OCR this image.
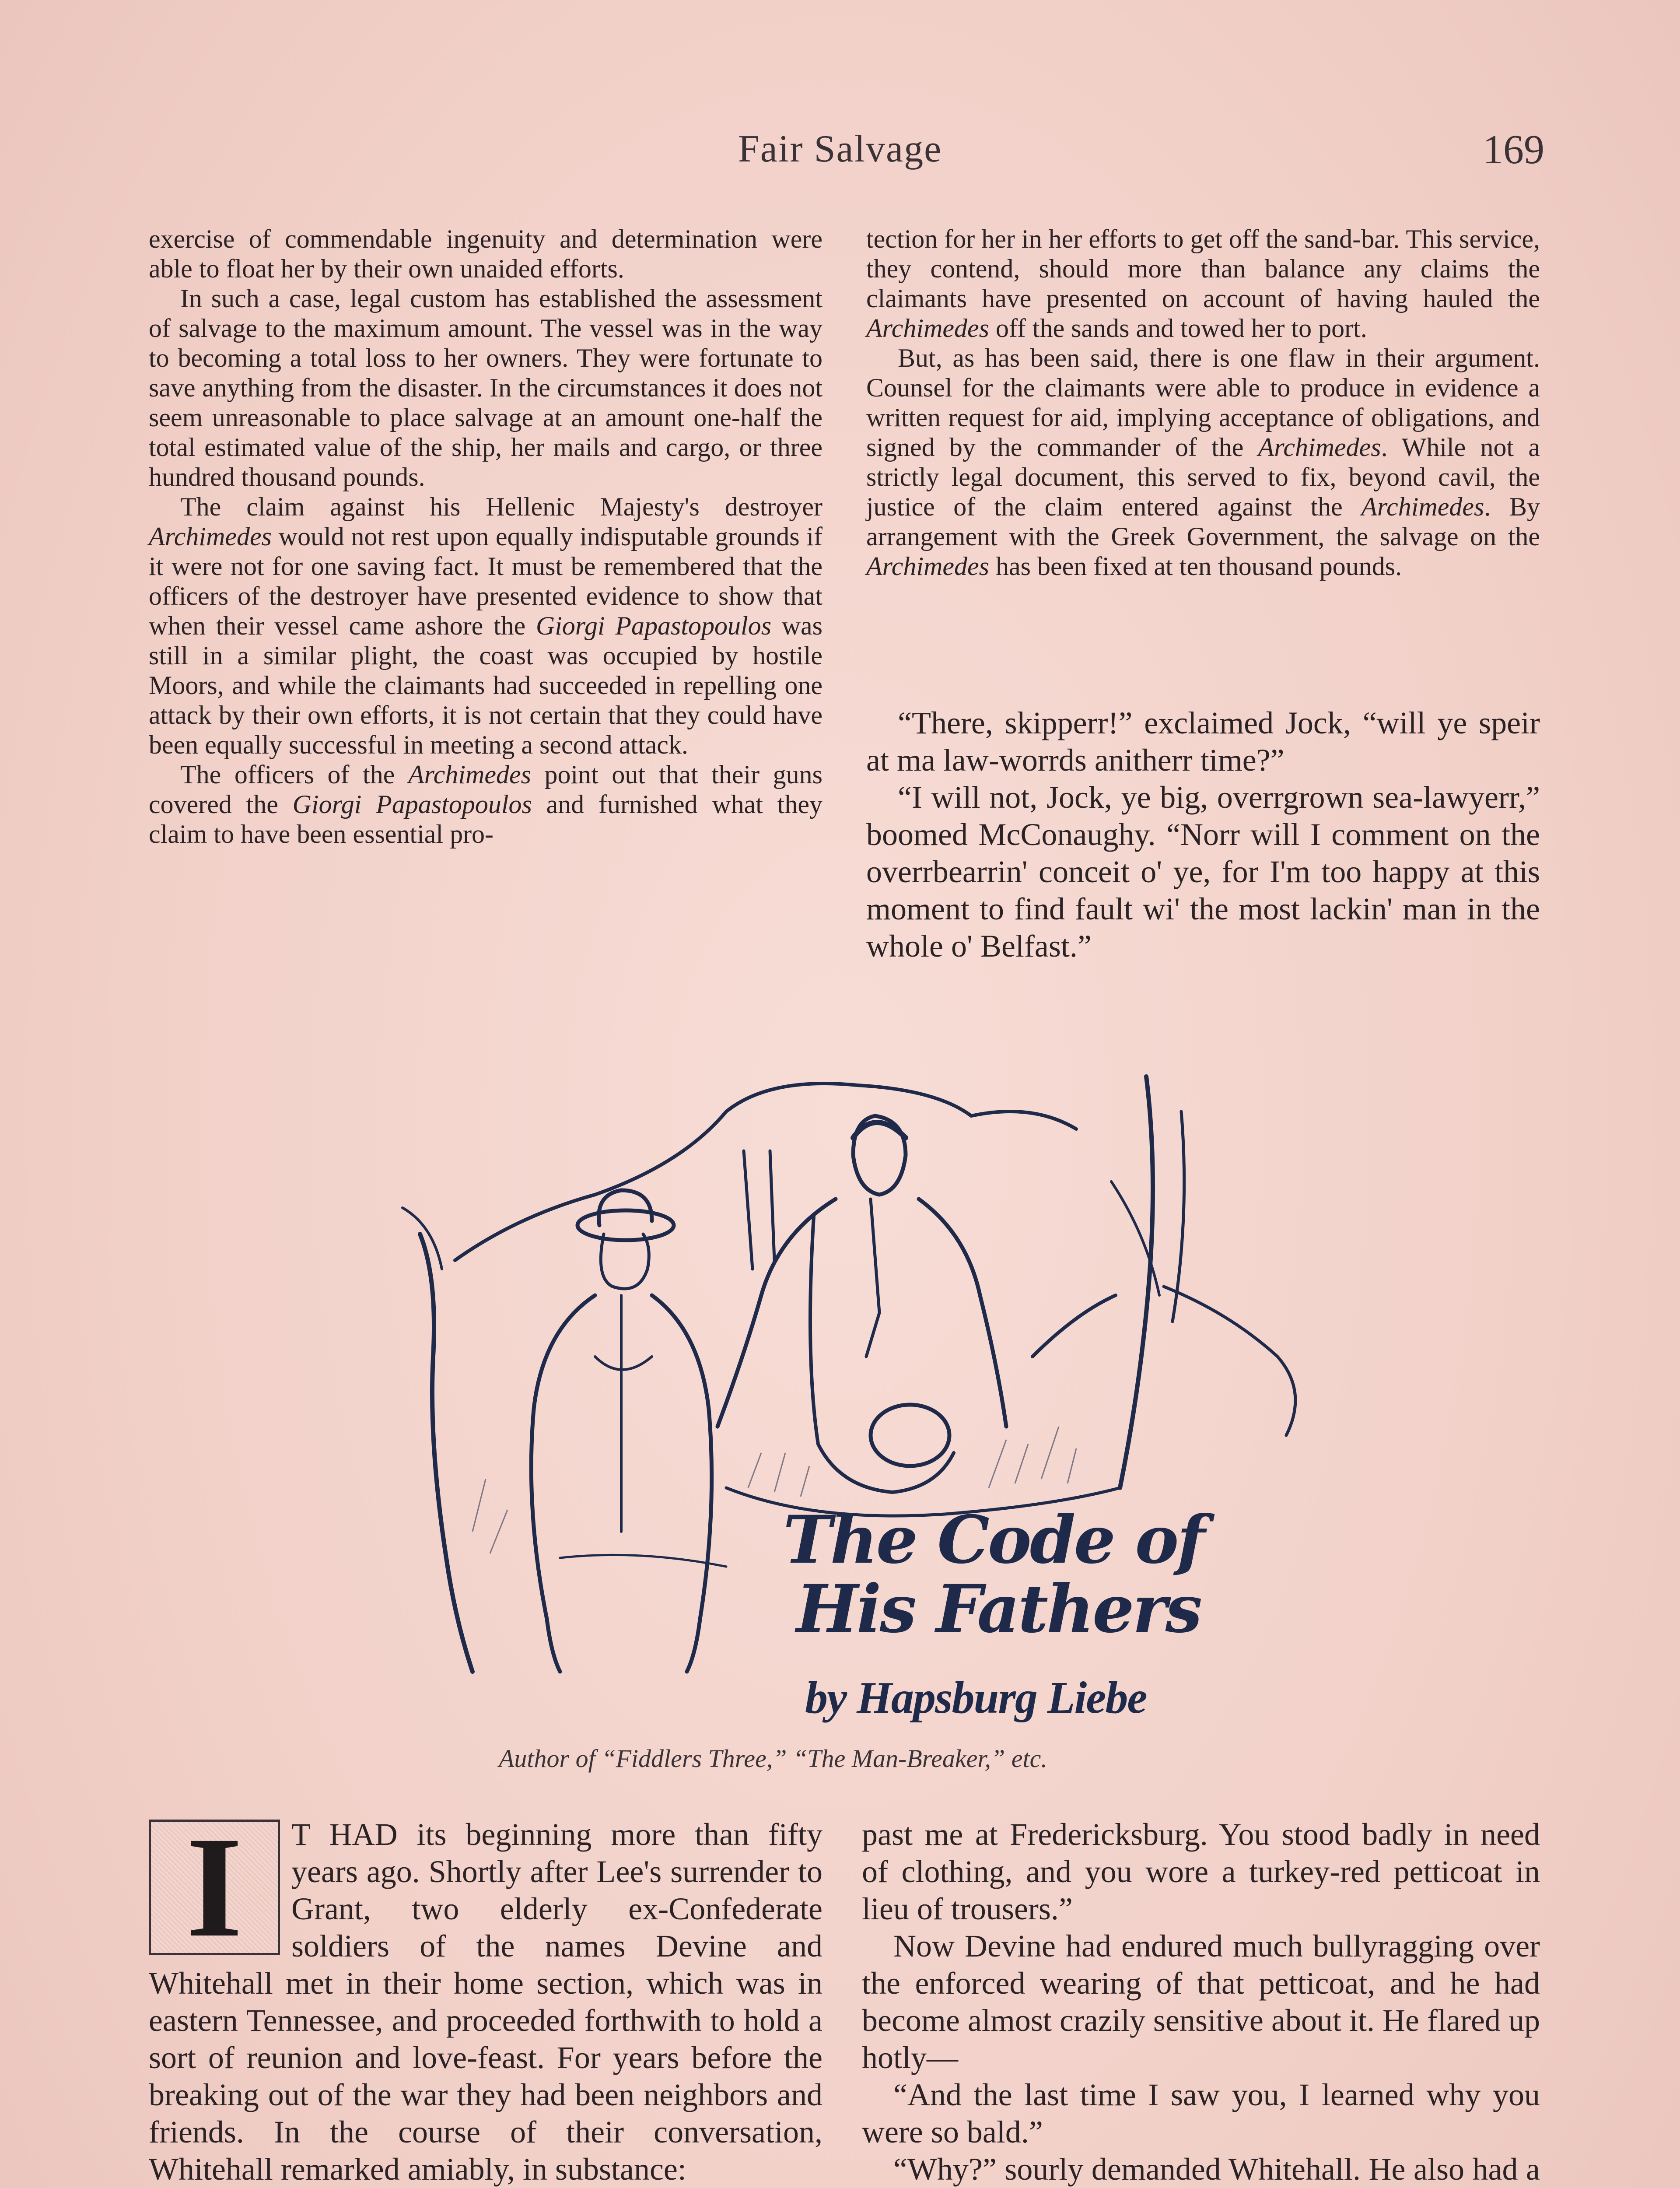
Fair Salvage	169

exercise of commendable ingenuity and determination were able to float her by their own unaided efforts.

In such a case, legal custom has established the assessment of salvage to the maximum amount. The vessel was in the way to becoming a total loss to her owners. They were fortunate to save anything from the disaster. In the circumstances it does not seem unreasonable to place salvage at an amount one-half the total estimated value of the ship, her mails and cargo, or three hundred thousand pounds.

The claim against his Hellenic Majesty's destroyer Archimedes would not rest upon equally indisputable grounds if it were not for one saving fact. It must be remembered that the officers of the destroyer have presented evidence to show that when their vessel came ashore the Giorgi Papastopoulos was still in a similar plight, the coast was occupied by hostile Moors, and while the claimants had succeeded in repelling one attack by their own efforts, it is not certain that they could have been equally successful in meeting a second attack.

The officers of the Archimedes point out that their guns covered the Giorgi Papastopoulos and furnished what they claim to have been essential pro-

tection for her in her efforts to get off the sand-bar. This service, they contend, should more than balance any claims the claimants have presented on account of having hauled the Archimedes off the sands and towed her to port.

But, as has been said, there is one flaw in their argument. Counsel for the claimants were able to produce in evidence a written request for aid, implying acceptance of obligations, and signed by the commander of the Archimedes. While not a strictly legal document, this served to fix, beyond cavil, the justice of the claim entered against the Archimedes. By arrangement with the Greek Government, the salvage on the Archimedes has been fixed at ten thousand pounds.

“There, skipperr!” exclaimed Jock, “will ye speir at ma law-worrds anitherr time?”

“I will not, Jock, ye big, overrgrown sea-lawyerr,” boomed McConaughy. “Norr will I comment on the overrbearrin' conceit o' ye, for I'm too happy at this moment to find fault wi' the most lackin' man in the whole o' Belfast.”

The Code of
His Fathers
by Hapsburg Liebe
Author of “Fiddlers Three,” “The Man-Breaker,” etc.
I	T HAD its beginning more than fifty years ago. Shortly after Lee's surrender to Grant, two elderly ex-Confederate soldiers of the names Devine and Whitehall met in their home section, which was in eastern Tennessee, and proceeded forthwith to hold a sort of reunion and love-feast. For years before the breaking out of the war they had been neighbors and friends. In the course of their conversation, Whitehall remarked amiably, in substance:

past me at Fredericksburg. You stood badly in need of clothing, and you wore a turkey-red petticoat in lieu of trousers.”

Now Devine had endured much bullyragging over the enforced wearing of that petticoat, and he had become almost crazily sensitive about it. He flared up hotly—

“And the last time I saw you, I learned why you were so bald.”

“Why?” sourly demanded Whitehall. He also had a
